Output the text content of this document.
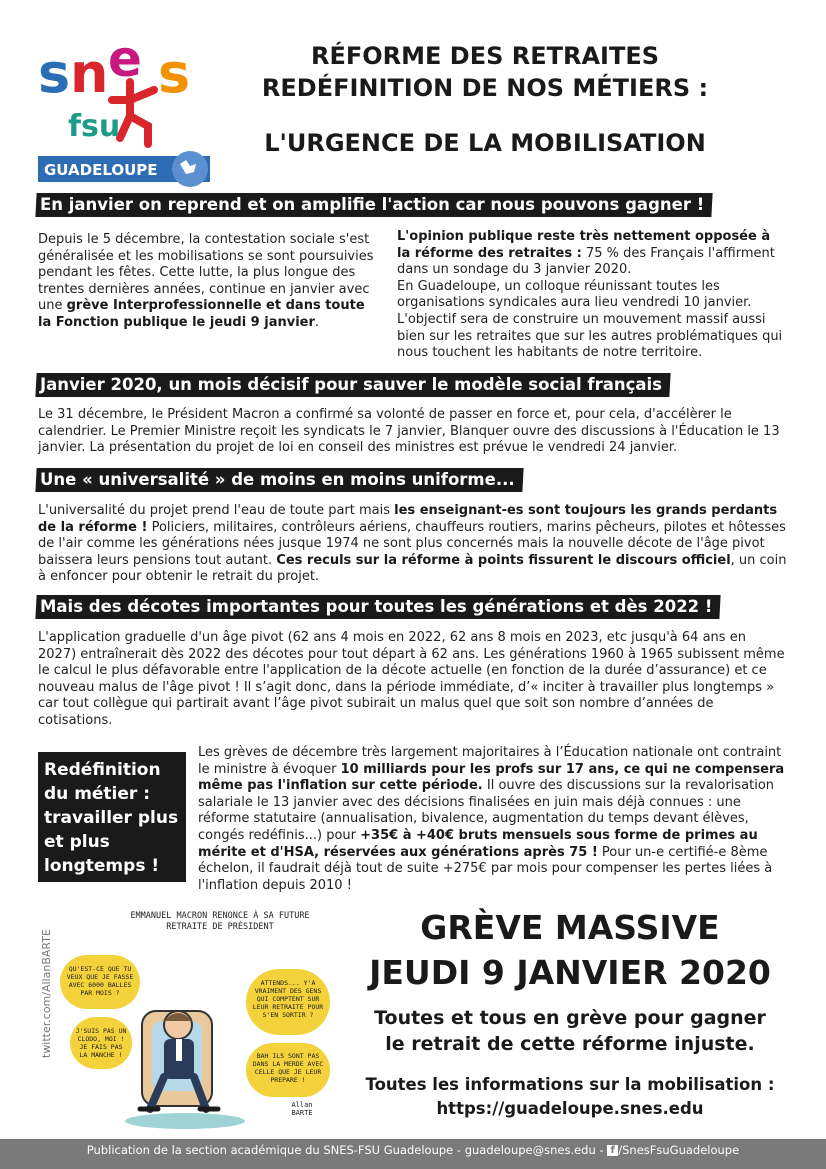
s n e s
fsu
GUADELOUPE
RÉFORME DES RETRAITES
REDÉFINITION DE NOS MÉTIERS :
L'URGENCE DE LA MOBILISATION
En janvier on reprend et on amplifie l'action car nous pouvons gagner !
Depuis le 5 décembre, la contestation sociale s'est généralisée et les mobilisations se sont poursuivies pendant les fêtes. Cette lutte, la plus longue des trentes dernières années, continue en janvier avec une grève Interprofessionnelle et dans toute la Fonction publique le jeudi 9 janvier.
L'opinion publique reste très nettement opposée à la réforme des retraites : 75 % des Français l'affirment dans un sondage du 3 janvier 2020.
En Guadeloupe, un colloque réunissant toutes les organisations syndicales aura lieu vendredi 10 janvier. L'objectif sera de construire un mouvement massif aussi bien sur les retraites que sur les autres problématiques qui nous touchent les habitants de notre territoire.
Janvier 2020, un mois décisif pour sauver le modèle social français
Le 31 décembre, le Président Macron a confirmé sa volonté de passer en force et, pour cela, d'accélèrer le calendrier. Le Premier Ministre reçoit les syndicats le 7 janvier, Blanquer ouvre des discussions à l'Éducation le 13 janvier. La présentation du projet de loi en conseil des ministres est prévue le vendredi 24 janvier.
Une « universalité » de moins en moins uniforme...
L'universalité du projet prend l'eau de toute part mais les enseignant-es sont toujours les grands perdants de la réforme ! Policiers, militaires, contrôleurs aériens, chauffeurs routiers, marins pêcheurs, pilotes et hôtesses de l'air comme les générations nées jusque 1974 ne sont plus concernés mais la nouvelle décote de l'âge pivot baissera leurs pensions tout autant. Ces reculs sur la réforme à points fissurent le discours officiel, un coin à enfoncer pour obtenir le retrait du projet.
Mais des décotes importantes pour toutes les générations et dès 2022 !
L'application graduelle d'un âge pivot (62 ans 4 mois en 2022, 62 ans 8 mois en 2023, etc jusqu'à 64 ans en 2027) entraînerait dès 2022 des décotes pour tout départ à 62 ans. Les générations 1960 à 1965 subissent même le calcul le plus défavorable entre l'application de la décote actuelle (en fonction de la durée d’assurance) et ce nouveau malus de l'âge pivot ! Il s’agit donc, dans la période immédiate, d’« inciter à travailler plus longtemps » car tout collègue qui partirait avant l’âge pivot subirait un malus quel que soit son nombre d’années de cotisations.
Redéfinition du métier : travailler plus et plus longtemps !
Les grèves de décembre très largement majoritaires à l’Éducation nationale ont contraint le ministre à évoquer 10 milliards pour les profs sur 17 ans, ce qui ne compensera même pas l'inflation sur cette période. Il ouvre des discussions sur la revalorisation salariale le 13 janvier avec des décisions finalisées en juin mais déjà connues : une réforme statutaire (annualisation, bivalence, augmentation du temps devant élèves, congés redéfinis...) pour +35€ à +40€ bruts mensuels sous forme de primes au mérite et d'HSA, réservées aux générations après 75 ! Pour un-e certifié-e 8ème échelon, il faudrait déjà tout de suite +275€ par mois pour compenser les pertes liées à l'inflation depuis 2010 !
twitter.com/AllanBARTE
EMMANUEL MACRON RENONCE À SA FUTURE RETRAITE DE PRÉSIDENT
QU'EST-CE QUE TU VEUX QUE JE FASSE AVEC 6000 BALLES PAR MOIS ?
J'SUIS PAS UN CLODO, MOI ! JE FAIS PAS LA MANCHE !
ATTENDS... Y'A VRAIMENT DES GENS QUI COMPTENT SUR LEUR RETRAITE POUR S'EN SORTIR ?
BAH ILS SONT PAS DANS LA MERDE AVEC CELLE QUE JE LEUR PREPARE !
Allan BARTE
GRÈVE MASSIVE
JEUDI 9 JANVIER 2020
Toutes et tous en grève pour gagner
le retrait de cette réforme injuste.
Toutes les informations sur la mobilisation :
https://guadeloupe.snes.edu
Publication de la section académique du SNES-FSU Guadeloupe - guadeloupe@snes.edu - f /SnesFsuGuadeloupe
